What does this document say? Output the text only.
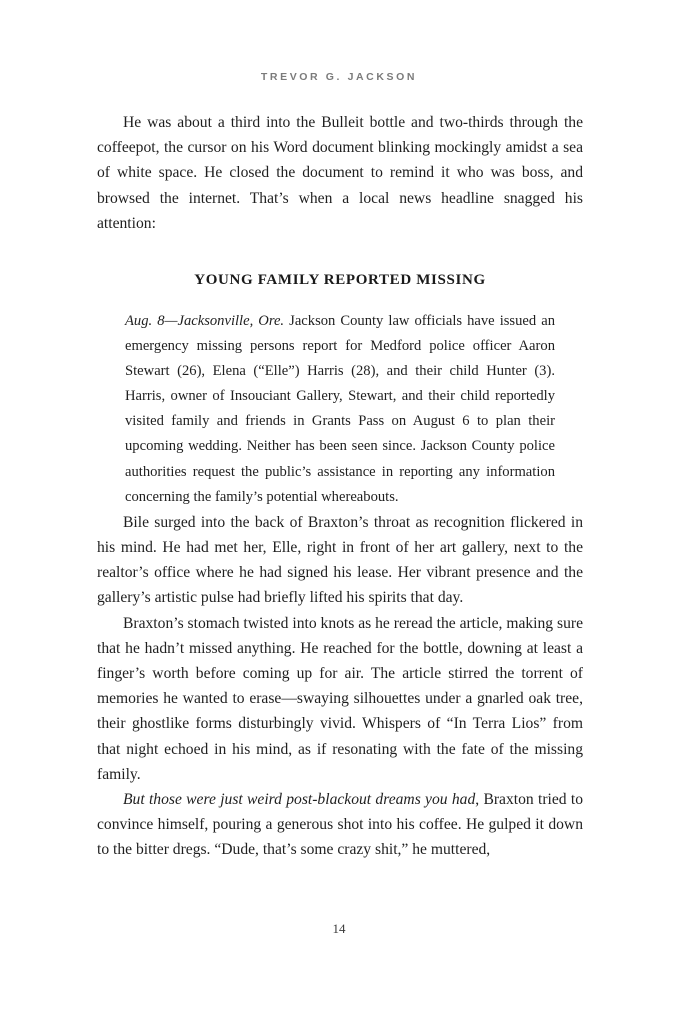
TREVOR G. JACKSON

He was about a third into the Bulleit bottle and two-thirds through the coffeepot, the cursor on his Word document blinking mockingly amidst a sea of white space. He closed the document to remind it who was boss, and browsed the internet. That’s when a local news headline snagged his attention:

YOUNG FAMILY REPORTED MISSING

Aug. 8—Jacksonville, Ore. Jackson County law officials have issued an emergency missing persons report for Medford police officer Aaron Stewart (26), Elena (“Elle”) Harris (28), and their child Hunter (3). Harris, owner of Insouciant Gallery, Stewart, and their child reportedly visited family and friends in Grants Pass on August 6 to plan their upcoming wedding. Neither has been seen since. Jackson County police authorities request the public’s assistance in reporting any information concerning the family’s potential whereabouts.

Bile surged into the back of Braxton’s throat as recognition flickered in his mind. He had met her, Elle, right in front of her art gallery, next to the realtor’s office where he had signed his lease. Her vibrant presence and the gallery’s artistic pulse had briefly lifted his spirits that day.

Braxton’s stomach twisted into knots as he reread the article, making sure that he hadn’t missed anything. He reached for the bottle, downing at least a finger’s worth before coming up for air. The article stirred the torrent of memories he wanted to erase—swaying silhouettes under a gnarled oak tree, their ghostlike forms disturbingly vivid. Whispers of “In Terra Lios” from that night echoed in his mind, as if resonating with the fate of the missing family.

But those were just weird post-blackout dreams you had, Braxton tried to convince himself, pouring a generous shot into his coffee. He gulped it down to the bitter dregs. “Dude, that’s some crazy shit,” he muttered,

14
